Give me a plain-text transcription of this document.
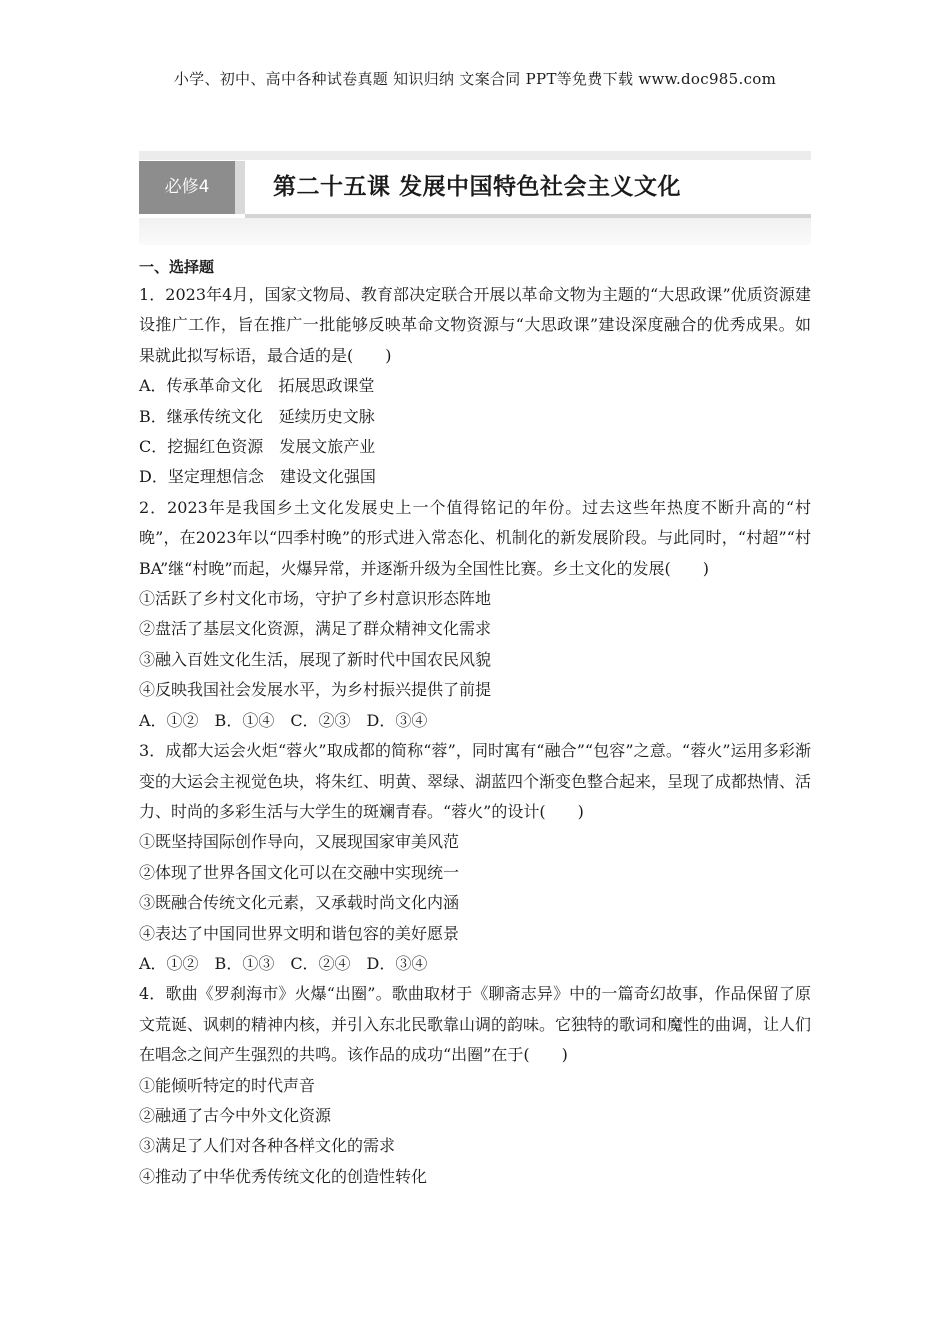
小学、初中、高中各种试卷真题 知识归纳 文案合同 PPT等免费下载 www.doc985.com
必修4	第二十五课 发展中国特色社会主义文化
一、选择题
1．2023年4月，国家文物局、教育部决定联合开展以革命文物为主题的“大思政课”优质资源建设推广工作，旨在推广一批能够反映革命文物资源与“大思政课”建设深度融合的优秀成果。如果就此拟写标语，最合适的是(　　)
A．传承革命文化　拓展思政课堂
B．继承传统文化　延续历史文脉
C．挖掘红色资源　发展文旅产业
D．坚定理想信念　建设文化强国
2．2023年是我国乡土文化发展史上一个值得铭记的年份。过去这些年热度不断升高的“村晚”，在2023年以“四季村晚”的形式进入常态化、机制化的新发展阶段。与此同时，“村超”“村BA”继“村晚”而起，火爆异常，并逐渐升级为全国性比赛。乡土文化的发展(　　)
①活跃了乡村文化市场，守护了乡村意识形态阵地
②盘活了基层文化资源，满足了群众精神文化需求
③融入百姓文化生活，展现了新时代中国农民风貌
④反映我国社会发展水平，为乡村振兴提供了前提
A．①②　B．①④　C．②③　D．③④
3．成都大运会火炬“蓉火”取成都的简称“蓉”，同时寓有“融合”“包容”之意。“蓉火”运用多彩渐变的大运会主视觉色块，将朱红、明黄、翠绿、湖蓝四个渐变色整合起来，呈现了成都热情、活力、时尚的多彩生活与大学生的斑斓青春。“蓉火”的设计(　　)
①既坚持国际创作导向，又展现国家审美风范
②体现了世界各国文化可以在交融中实现统一
③既融合传统文化元素，又承载时尚文化内涵
④表达了中国同世界文明和谐包容的美好愿景
A．①②　B．①③　C．②④　D．③④
4．歌曲《罗刹海市》火爆“出圈”。歌曲取材于《聊斋志异》中的一篇奇幻故事，作品保留了原文荒诞、讽刺的精神内核，并引入东北民歌靠山调的韵味。它独特的歌词和魔性的曲调，让人们在唱念之间产生强烈的共鸣。该作品的成功“出圈”在于(　　)
①能倾听特定的时代声音
②融通了古今中外文化资源
③满足了人们对各种各样文化的需求
④推动了中华优秀传统文化的创造性转化
